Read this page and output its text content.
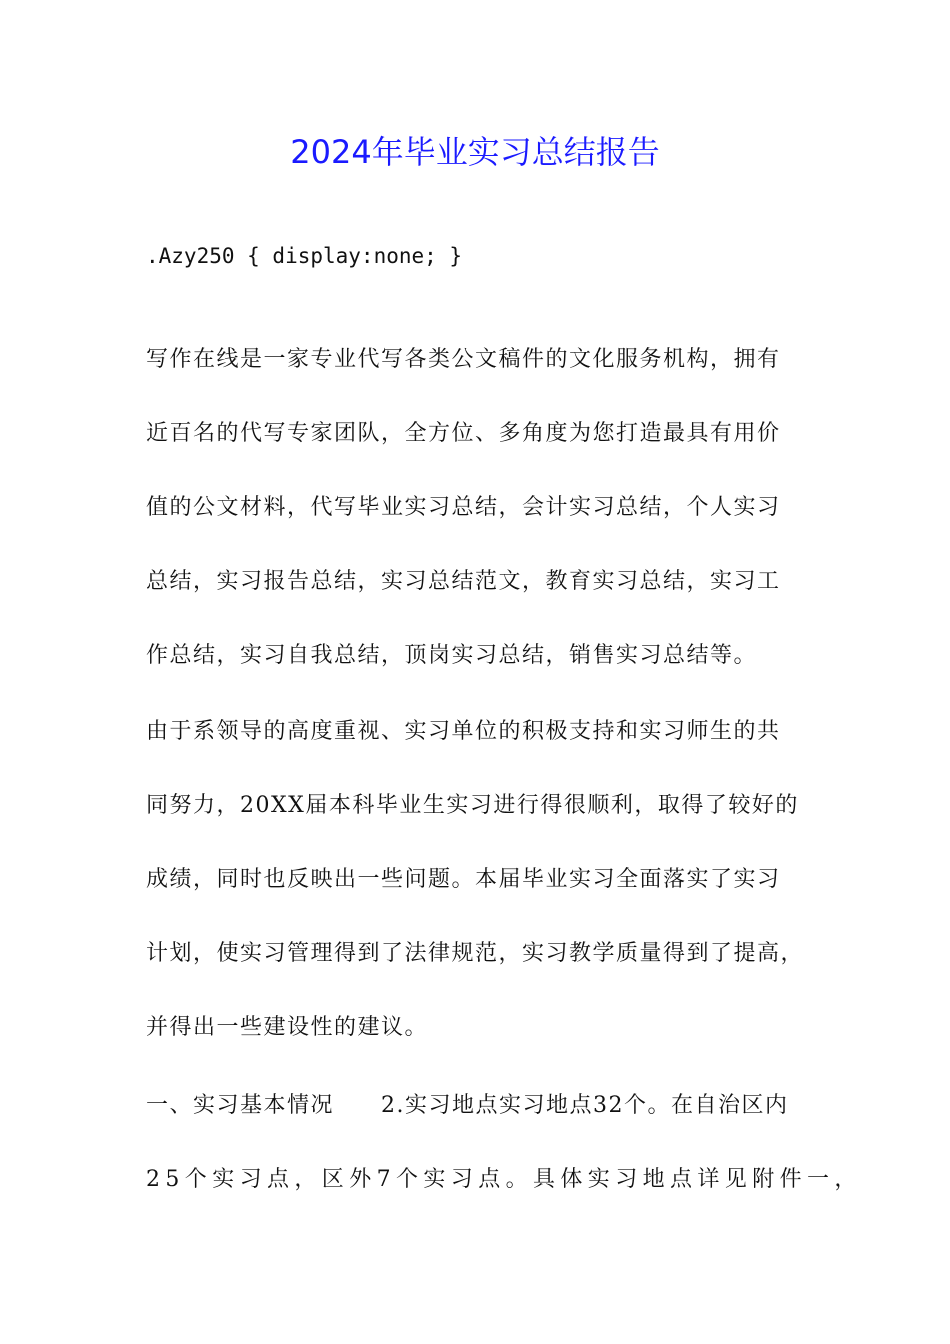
2024年毕业实习总结报告
.Azy250 { display:none; }
写作在线是一家专业代写各类公文稿件的文化服务机构，拥有
近百名的代写专家团队，全方位、多角度为您打造最具有用价
值的公文材料，代写毕业实习总结，会计实习总结，个人实习
总结，实习报告总结，实习总结范文，教育实习总结，实习工
作总结，实习自我总结，顶岗实习总结，销售实习总结等。
由于系领导的高度重视、实习单位的积极支持和实习师生的共
同努力，20XX届本科毕业生实习进行得很顺利，取得了较好的
成绩，同时也反映出一些问题。本届毕业实习全面落实了实习
计划，使实习管理得到了法律规范，实习教学质量得到了提高，
并得出一些建设性的建议。
一、实习基本情况　　2.实习地点实习地点32个。在自治区内
25个实习点，区外7个实习点。具体实习地点详见附件一，
